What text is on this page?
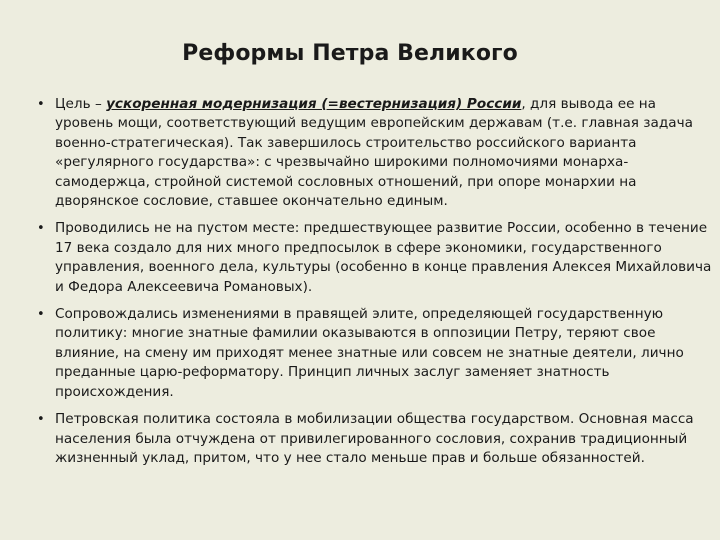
Реформы Петра Великого
• Цель – ускоренная модернизация (=вестернизация) России, для вывода ее на уровень мощи, соответствующий ведущим европейским державам (т.е. главная задача военно-стратегическая). Так завершилось строительство российского варианта «регулярного государства»: с чрезвычайно широкими полномочиями монарха-самодержца, стройной системой сословных отношений, при опоре монархии на дворянское сословие, ставшее окончательно единым.
• Проводились не на пустом месте: предшествующее развитие России, особенно в течение 17 века создало для них много предпосылок в сфере экономики, государственного управления, военного дела, культуры (особенно в конце правления Алексея Михайловича и Федора Алексеевича Романовых).
• Сопровождались изменениями в правящей элите, определяющей государственную политику: многие знатные фамилии оказываются в оппозиции Петру, теряют свое влияние, на смену им приходят менее знатные или совсем не знатные деятели, лично преданные царю-реформатору. Принцип личных заслуг заменяет знатность происхождения.
• Петровская политика состояла в мобилизации общества государством. Основная масса населения была отчуждена от привилегированного сословия, сохранив традиционный жизненный уклад, притом, что у нее стало меньше прав и больше обязанностей.
